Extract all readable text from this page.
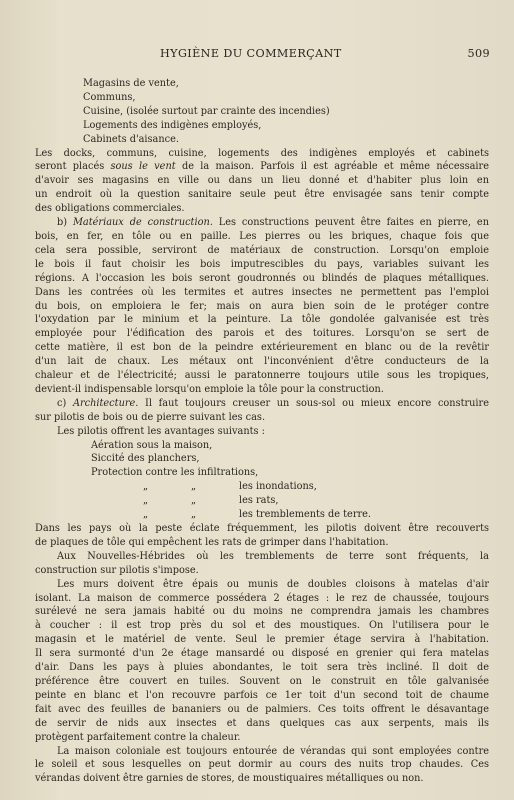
HYGIÈNE DU COMMERÇANT	509
Magasins de vente,
Communs,
Cuisine, (isolée surtout par crainte des incendies)
Logements des indigènes employés,
Cabinets d'aisance.

Les docks, communs, cuisine, logements des indigènes employés et cabinets
seront placés sous le vent de la maison. Parfois il est agréable et même nécessaire
d'avoir ses magasins en ville ou dans un lieu donné et d'habiter plus loin en
un endroit où la question sanitaire seule peut être envisagée sans tenir compte
des obligations commerciales.

b) Matériaux de construction. Les constructions peuvent être faites en pierre, en
bois, en fer, en tôle ou en paille. Les pierres ou les briques, chaque fois que
cela sera possible, serviront de matériaux de construction. Lorsqu'on emploie
le bois il faut choisir les bois imputrescibles du pays, variables suivant les
régions. A l'occasion les bois seront goudronnés ou blindés de plaques métalliques.
Dans les contrées où les termites et autres insectes ne permettent pas l'emploi
du bois, on emploiera le fer; mais on aura bien soin de le protéger contre
l'oxydation par le minium et la peinture. La tôle gondolée galvanisée est très
employée pour l'édification des parois et des toitures. Lorsqu'on se sert de
cette matière, il est bon de la peindre extérieurement en blanc ou de la revêtir
d'un lait de chaux. Les métaux ont l'inconvénient d'être conducteurs de la
chaleur et de l'électricité; aussi le paratonnerre toujours utile sous les tropiques,
devient-il indispensable lorsqu'on emploie la tôle pour la construction.

c) Architecture. Il faut toujours creuser un sous-sol ou mieux encore construire
sur pilotis de bois ou de pierre suivant les cas.

Les pilotis offrent les avantages suivants :
Aération sous la maison,
Siccité des planchers,
Protection contre les infiltrations,
„	„	les inondations,
„	„	les rats,
„	„	les tremblements de terre.

Dans les pays où la peste éclate fréquemment, les pilotis doivent être recouverts
de plaques de tôle qui empêchent les rats de grimper dans l'habitation.

Aux Nouvelles-Hébrides où les tremblements de terre sont fréquents, la
construction sur pilotis s'impose.

Les murs doivent être épais ou munis de doubles cloisons à matelas d'air
isolant. La maison de commerce possédera 2 étages : le rez de chaussée, toujours
surélevé ne sera jamais habité ou du moins ne comprendra jamais les chambres
à coucher : il est trop près du sol et des moustiques. On l'utilisera pour le
magasin et le matériel de vente. Seul le premier étage servira à l'habitation.
Il sera surmonté d'un 2e étage mansardé ou disposé en grenier qui fera matelas
d'air. Dans les pays à pluies abondantes, le toit sera très incliné. Il doit de
préférence être couvert en tuiles. Souvent on le construit en tôle galvanisée
peinte en blanc et l'on recouvre parfois ce 1er toit d'un second toit de chaume
fait avec des feuilles de bananiers ou de palmiers. Ces toits offrent le désavantage
de servir de nids aux insectes et dans quelques cas aux serpents, mais ils
protègent parfaitement contre la chaleur.

La maison coloniale est toujours entourée de vérandas qui sont employées contre
le soleil et sous lesquelles on peut dormir au cours des nuits trop chaudes. Ces
vérandas doivent être garnies de stores, de moustiquaires métalliques ou non.
